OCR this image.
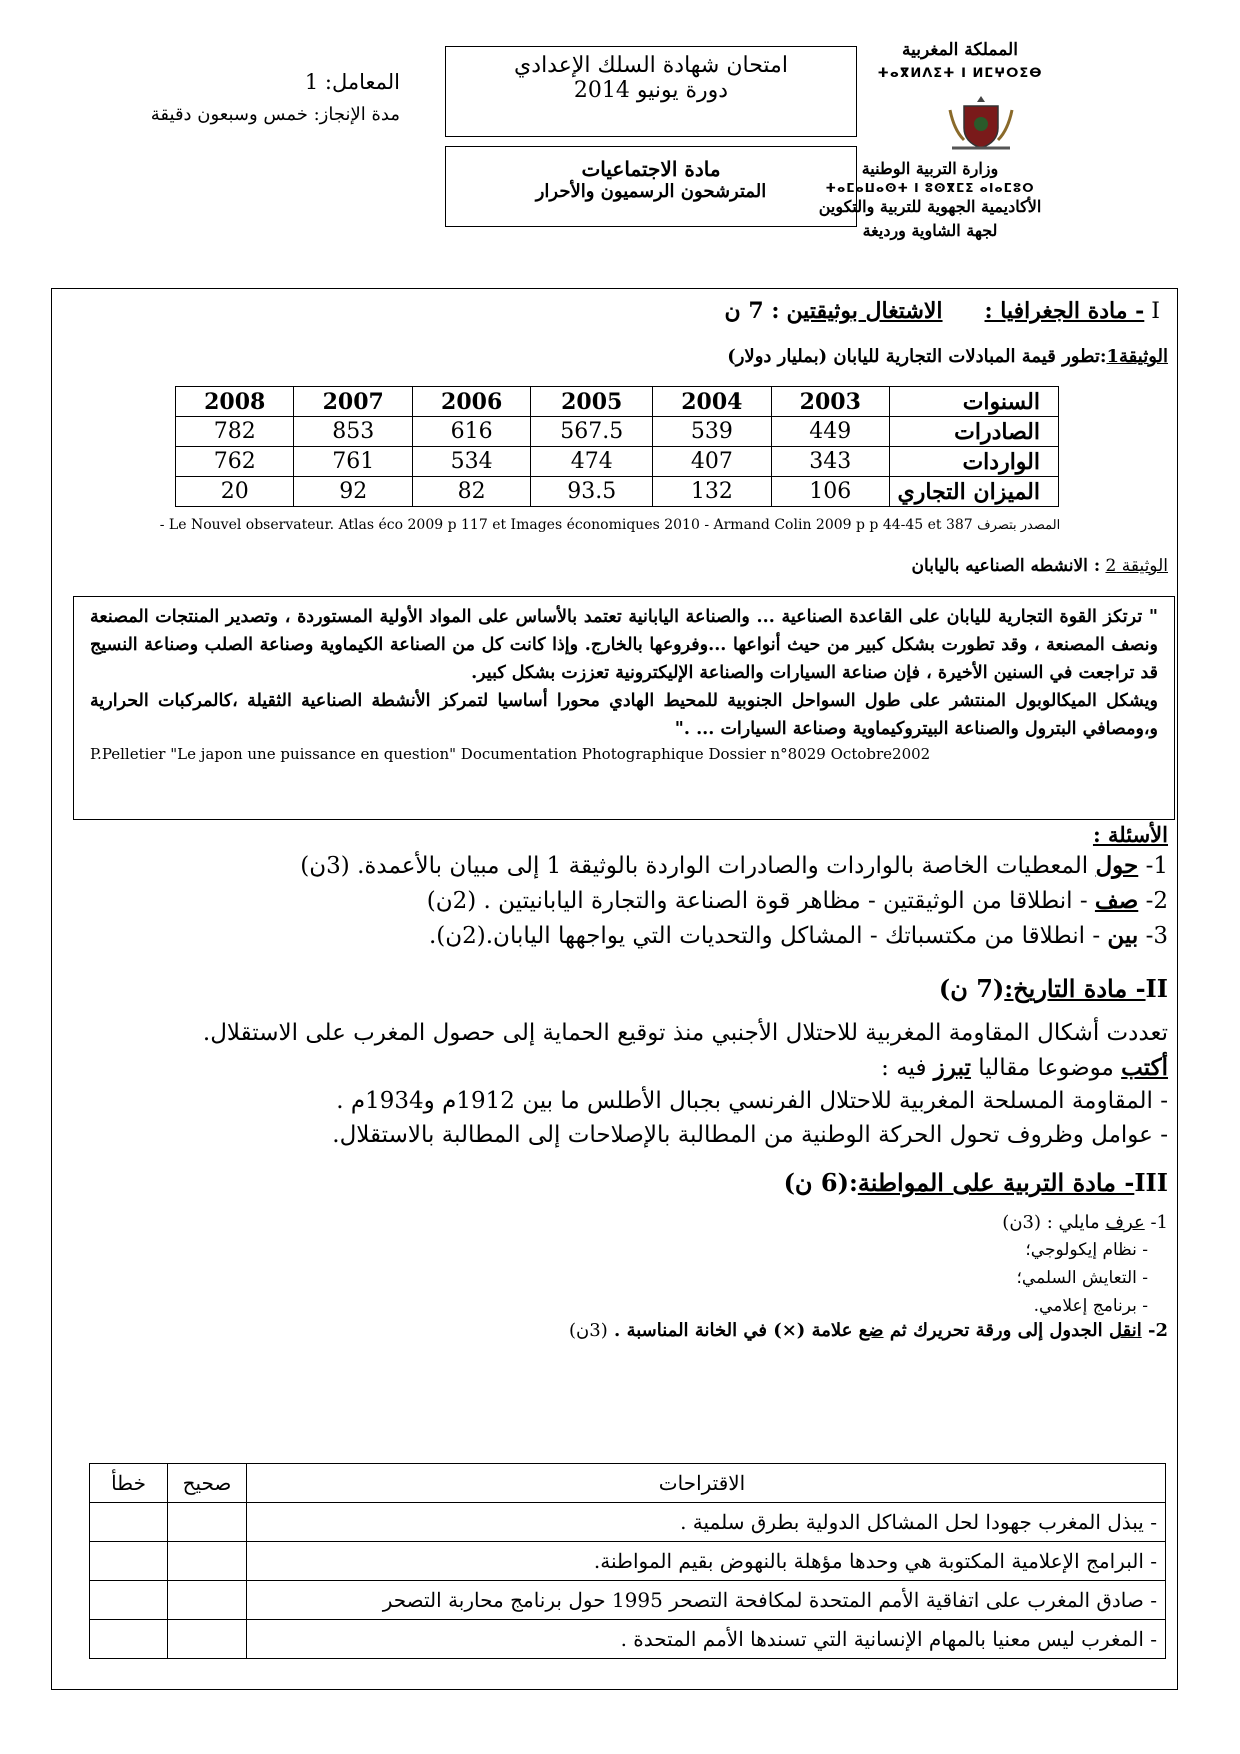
المملكة المغربية
ⵜⴰⴳⵍⴷⵉⵜ ⵏ ⵍⵎⵖⵔⵉⴱ
وزارة التربية الوطنية
ⵜⴰⵎⴰⵡⴰⵙⵜ ⵏ ⵓⵙⴳⵎⵉ ⴰⵏⴰⵎⵓⵔ
الأكاديمية الجهوية للتربية والتكوين
لجهة الشاوية ورديغة
امتحان شهادة السلك الإعدادي
دورة يونيو 2014
مادة الاجتماعيات
المترشحون الرسميون والأحرار
المعامل: 1
مدة الإنجاز: خمس وسبعون دقيقة
I - مادة الجغرافيا :      الاشتغال بوثيقتين : 7 ن
الوثيقة1:تطور قيمة المبادلات التجارية لليابان (بمليار دولار)
السنوات	2003	2004	2005	2006	2007	2008
الصادرات	449	539	567.5	616	853	782
الواردات	343	407	474	534	761	762
الميزان التجاري	106	132	93.5	82	92	20
- Le Nouvel observateur. Atlas éco 2009 p 117 et Images économiques 2010 - Armand Colin 2009 p p 44-45 et 387 المصدر بتصرف
الوثيقة 2 : الانشطه الصناعيه باليابان
" ترتكز القوة التجارية لليابان على القاعدة الصناعية ... والصناعة اليابانية تعتمد بالأساس على المواد الأولية المستوردة ، وتصدير المنتجات المصنعة ونصف المصنعة ، وقد تطورت بشكل كبير من حيث أنواعها ...وفروعها بالخارج. وإذا كانت كل من الصناعة الكيماوية وصناعة الصلب وصناعة النسيج قد تراجعت في السنين الأخيرة ، فإن صناعة السيارات والصناعة الإليكترونية تعززت بشكل كبير.
ويشكل الميكالوبول المنتشر على طول السواحل الجنوبية للمحيط الهادي محورا أساسيا لتمركز الأنشطة الصناعية الثقيلة ،كالمركبات الحرارية و،ومصافي البترول والصناعة البيتروكيماوية وصناعة السيارات ... ."
P.Pelletier "Le japon une puissance en question" Documentation Photographique Dossier n°8029 Octobre2002
الأسئلة :
1- حول المعطيات الخاصة بالواردات والصادرات الواردة بالوثيقة 1 إلى مبيان بالأعمدة. (3ن)
2- صف - انطلاقا من الوثيقتين - مظاهر قوة الصناعة والتجارة اليابانيتين . (2ن)
3- بين - انطلاقا من مكتسباتك - المشاكل والتحديات التي يواجهها اليابان.(2ن).
II- مادة التاريخ:(7 ن)
تعددت أشكال المقاومة المغربية للاحتلال الأجنبي منذ توقيع الحماية إلى حصول المغرب على الاستقلال.
أكتب موضوعا مقاليا تبرز فيه :
- المقاومة المسلحة المغربية للاحتلال الفرنسي بجبال الأطلس ما بين 1912م و1934م .
- عوامل وظروف تحول الحركة الوطنية من المطالبة بالإصلاحات إلى المطالبة بالاستقلال.
III- مادة التربية على المواطنة:(6 ن)
1- عرف مايلي : (3ن)
- نظام إيكولوجي؛
- التعايش السلمي؛
- برنامج إعلامي.
2- انقل الجدول إلى ورقة تحريرك ثم ضع علامة (×) في الخانة المناسبة . (3ن)
الاقتراحات	صحيح	خطأ
- يبذل المغرب جهودا لحل المشاكل الدولية بطرق سلمية .		
- البرامج الإعلامية المكتوبة هي وحدها مؤهلة بالنهوض بقيم المواطنة.		
- صادق المغرب على اتفاقية الأمم المتحدة لمكافحة التصحر 1995 حول برنامج محاربة التصحر		
- المغرب ليس معنيا بالمهام الإنسانية التي تسندها الأمم المتحدة .		
